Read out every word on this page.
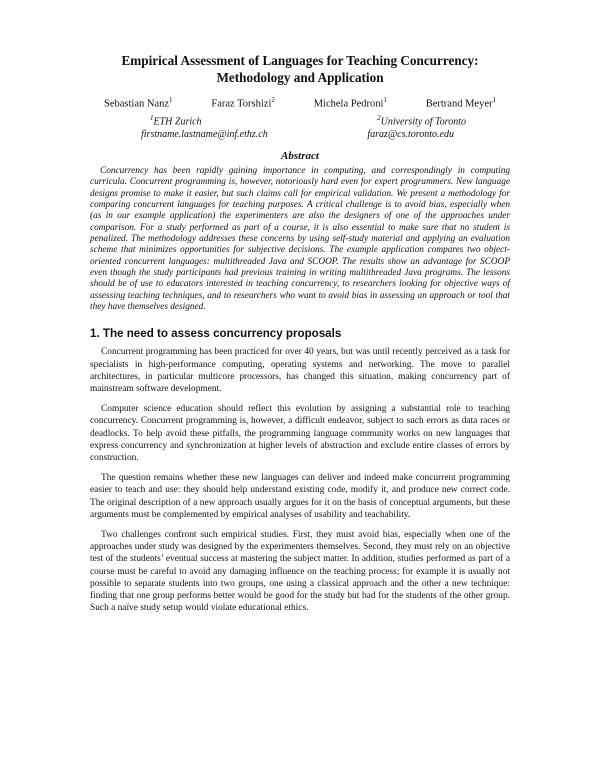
Empirical Assessment of Languages for Teaching Concurrency:
Methodology and Application
Sebastian Nanz$^1$	Faraz Torshizi$^2$	Michela Pedroni$^1$	Bertrand Meyer$^1$
$^1$ETH Zurich	$^2$University of Toronto
firstname.lastname@inf.ethz.ch	faraz@cs.toronto.edu
Abstract

Concurrency has been rapidly gaining importance in computing, and correspondingly in computing curricula. Concurrent programming is, however, notoriously hard even for expert programmers. New language designs promise to make it easier, but such claims call for empirical validation. We present a methodology for comparing concurrent languages for teaching purposes. A critical challenge is to avoid bias, especially when (as in our example application) the experimenters are also the designers of one of the approaches under comparison. For a study performed as part of a course, it is also essential to make sure that no student is penalized. The methodology addresses these concerns by using self-study material and applying an evaluation scheme that minimizes opportunities for subjective decisions. The example application compares two object-oriented concurrent languages: multithreaded Java and SCOOP. The results show an advantage for SCOOP even though the study participants had previous training in writing multithreaded Java programs. The lessons should be of use to educators interested in teaching concurrency, to researchers looking for objective ways of assessing teaching techniques, and to researchers who want to avoid bias in assessing an approach or tool that they have themselves designed.

1. The need to assess concurrency proposals

Concurrent programming has been practiced for over 40 years, but was until recently perceived as a task for specialists in high-performance computing, operating systems and networking. The move to parallel architectures, in particular multicore processors, has changed this situation, making concurrency part of mainstream software development.

Computer science education should reflect this evolution by assigning a substantial role to teaching concurrency. Concurrent programming is, however, a difficult endeavor, subject to such errors as data races or deadlocks. To help avoid these pitfalls, the programming language community works on new languages that express concurrency and synchronization at higher levels of abstraction and exclude entire classes of errors by construction.

The question remains whether these new languages can deliver and indeed make concurrent programming easier to teach and use: they should help understand existing code, modify it, and produce new correct code. The original description of a new approach usually argues for it on the basis of conceptual arguments, but these arguments must be complemented by empirical analyses of usability and teachability.

Two challenges confront such empirical studies. First, they must avoid bias, especially when one of the approaches under study was designed by the experimenters themselves. Second, they must rely on an objective test of the students’ eventual success at mastering the subject matter. In addition, studies performed as part of a course must be careful to avoid any damaging influence on the teaching process; for example it is usually not possible to separate students into two groups, one using a classical approach and the other a new technique: finding that one group performs better would be good for the study but bad for the students of the other group. Such a naïve study setup would violate educational ethics.
